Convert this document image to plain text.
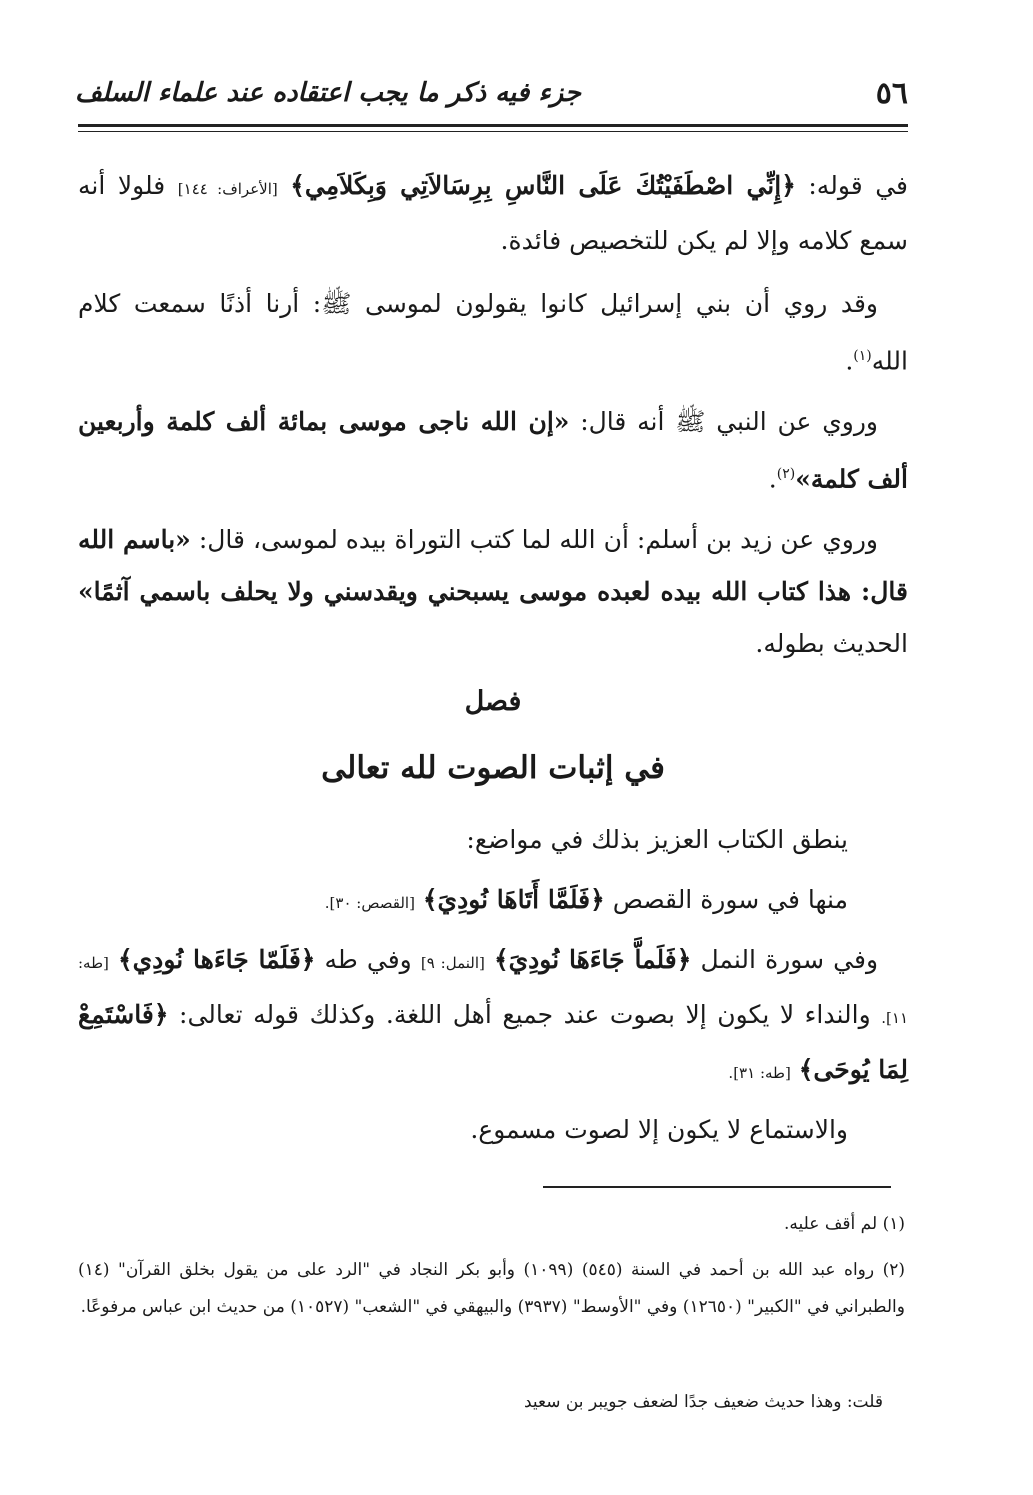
٥٦
جزء فيه ذكر ما يجب اعتقاده عند علماء السلف

في قوله: ﴿إِنِّي اصْطَفَيْتُكَ عَلَى النَّاسِ بِرِسَالاَتِي وَبِكَلاَمِي﴾ [الأعراف: ١٤٤] فلولا أنه سمع كلامه وإلا لم يكن للتخصيص فائدة.

وقد روي أن بني إسرائيل كانوا يقولون لموسى ﷺ: أرنا أذنًا سمعت كلام الله$^{(١)}$.

وروي عن النبي ﷺ أنه قال: «إن الله ناجى موسى بمائة ألف كلمة وأربعين ألف كلمة»$^{(٢)}$.

وروي عن زيد بن أسلم: أن الله لما كتب التوراة بيده لموسى، قال: «باسم الله قال: هذا كتاب الله بيده لعبده موسى يسبحني ويقدسني ولا يحلف باسمي آثمًا» الحديث بطوله.

فصل
في إثبات الصوت لله تعالى

ينطق الكتاب العزيز بذلك في مواضع:

منها في سورة القصص ﴿فَلَمَّا أَتَاهَا نُودِيَ﴾ [القصص: ٣٠].

وفي سورة النمل ﴿فَلَماَّ جَاءَهَا نُودِيَ﴾ [النمل: ٩] وفي طه ﴿فَلَمّا جَاءَها نُودِي﴾ [طه: ١١]. والنداء لا يكون إلا بصوت عند جميع أهل اللغة. وكذلك قوله تعالى: ﴿فَاسْتَمِعْ لِمَا يُوحَى﴾ [طه: ٣١].

والاستماع لا يكون إلا لصوت مسموع.

(١) لم أقف عليه.

(٢) رواه عبد الله بن أحمد في السنة (٥٤٥) (١٠٩٩) وأبو بكر النجاد في "الرد على من يقول بخلق القرآن" (١٤) والطبراني في "الكبير" (١٢٦٥٠) وفي "الأوسط" (٣٩٣٧) والبيهقي في "الشعب" (١٠٥٢٧) من حديث ابن عباس مرفوعًا.

قلت: وهذا حديث ضعيف جدًا لضعف جويبر بن سعيد
